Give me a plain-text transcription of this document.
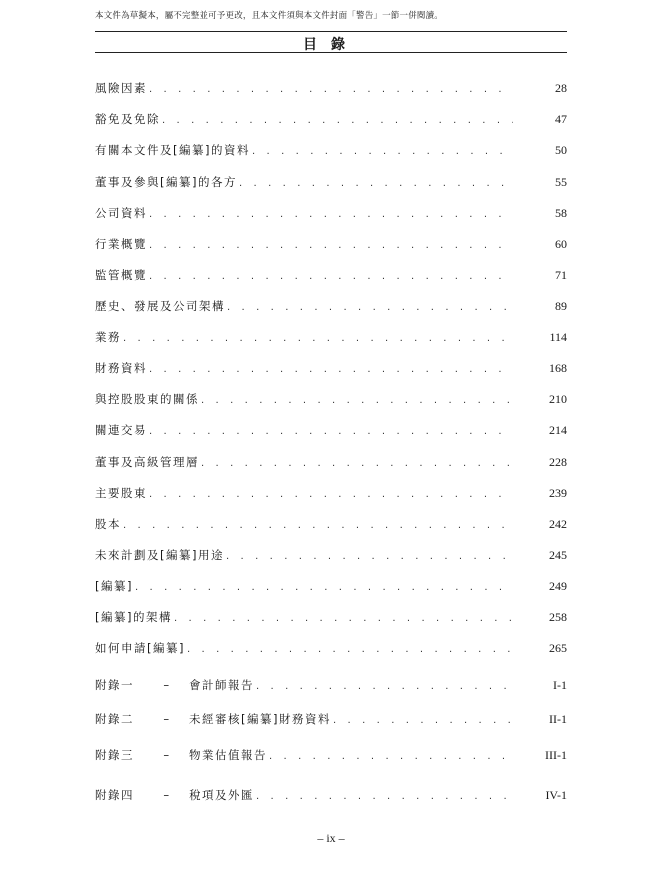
本文件為草擬本，屬不完整並可予更改，且本文件須與本文件封面「警告」一節一併閱讀。
目錄
風險因素 . . .	28
豁免及免除 . . .	47
有關本文件及[編纂]的資料 . . .	50
董事及參與[編纂]的各方 . . .	55
公司資料 . . .	58
行業概覽 . . .	60
監管概覽 . . .	71
歷史、發展及公司架構 . . .	89
業務 . . .	114
財務資料 . . .	168
與控股股東的關係 . . .	210
關連交易 . . .	214
董事及高級管理層 . . .	228
主要股東 . . .	239
股本 . . .	242
未來計劃及[編纂]用途 . . .	245
[編纂] . . .	249
[編纂]的架構 . . .	258
如何申請[編纂] . . .	265
附錄一	–	會計師報告 . . .	I-1
附錄二	–	未經審核[編纂]財務資料 . . .	II-1
附錄三	–	物業估值報告 . . .	III-1
附錄四	–	稅項及外匯 . . .	IV-1
– ix –
